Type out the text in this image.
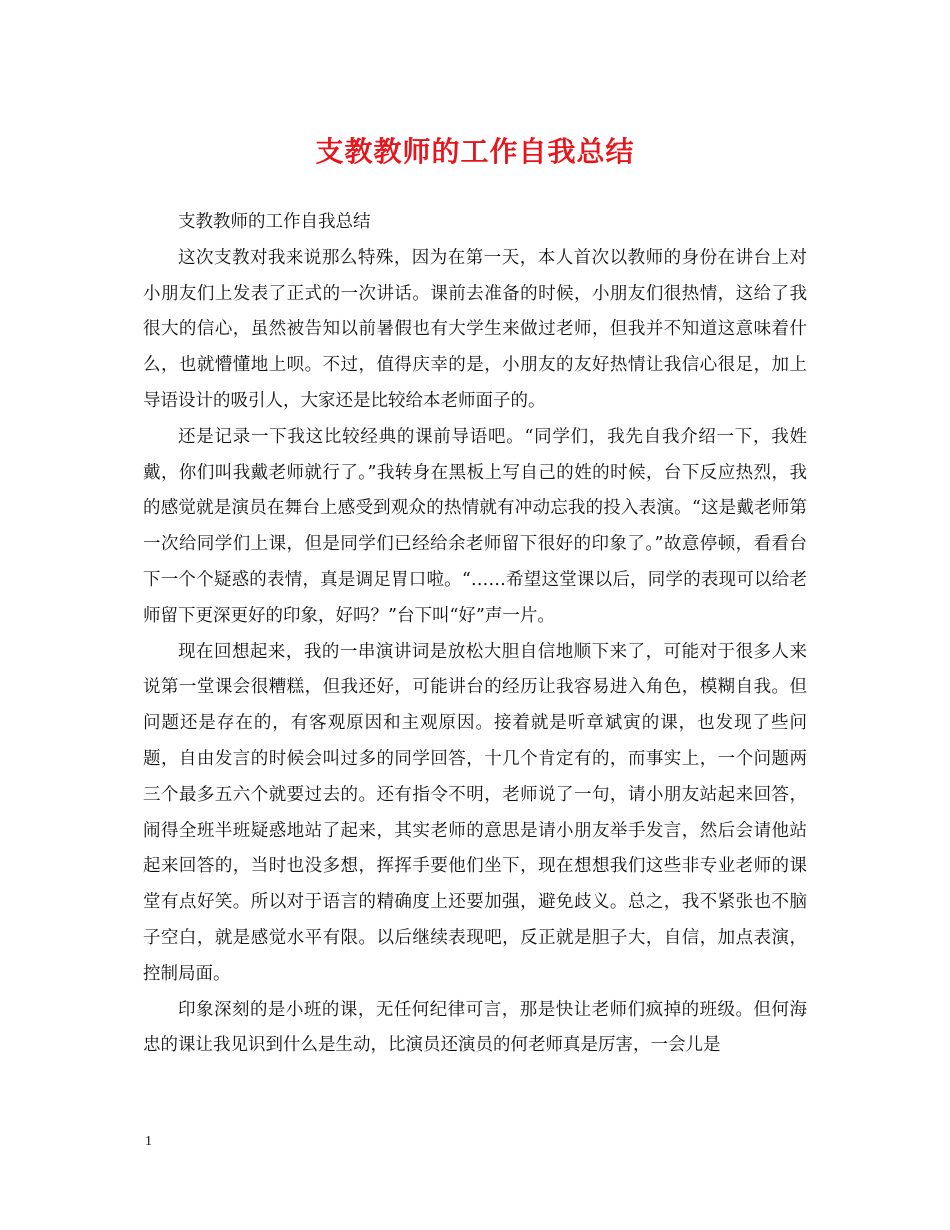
支教教师的工作自我总结

支教教师的工作自我总结

这次支教对我来说那么特殊，因为在第一天，本人首次以教师的身份在讲台上对小朋友们上发表了正式的一次讲话。课前去准备的时候，小朋友们很热情，这给了我很大的信心，虽然被告知以前暑假也有大学生来做过老师，但我并不知道这意味着什么，也就懵懂地上呗。不过，值得庆幸的是，小朋友的友好热情让我信心很足，加上导语设计的吸引人，大家还是比较给本老师面子的。

还是记录一下我这比较经典的课前导语吧。“同学们，我先自我介绍一下，我姓戴，你们叫我戴老师就行了。”我转身在黑板上写自己的姓的时候，台下反应热烈，我的感觉就是演员在舞台上感受到观众的热情就有冲动忘我的投入表演。“这是戴老师第一次给同学们上课，但是同学们已经给余老师留下很好的印象了。”故意停顿，看看台下一个个疑惑的表情，真是调足胃口啦。“……希望这堂课以后，同学的表现可以给老师留下更深更好的印象，好吗？”台下叫“好”声一片。

现在回想起来，我的一串演讲词是放松大胆自信地顺下来了，可能对于很多人来说第一堂课会很糟糕，但我还好，可能讲台的经历让我容易进入角色，模糊自我。但问题还是存在的，有客观原因和主观原因。接着就是听章斌寅的课，也发现了些问题，自由发言的时候会叫过多的同学回答，十几个肯定有的，而事实上，一个问题两三个最多五六个就要过去的。还有指令不明，老师说了一句，请小朋友站起来回答，闹得全班半班疑惑地站了起来，其实老师的意思是请小朋友举手发言，然后会请他站起来回答的，当时也没多想，挥挥手要他们坐下，现在想想我们这些非专业老师的课堂有点好笑。所以对于语言的精确度上还要加强，避免歧义。总之，我不紧张也不脑子空白，就是感觉水平有限。以后继续表现吧，反正就是胆子大，自信，加点表演，控制局面。

印象深刻的是小班的课，无任何纪律可言，那是快让老师们疯掉的班级。但何海忠的课让我见识到什么是生动，比演员还演员的何老师真是厉害，一会儿是

1
